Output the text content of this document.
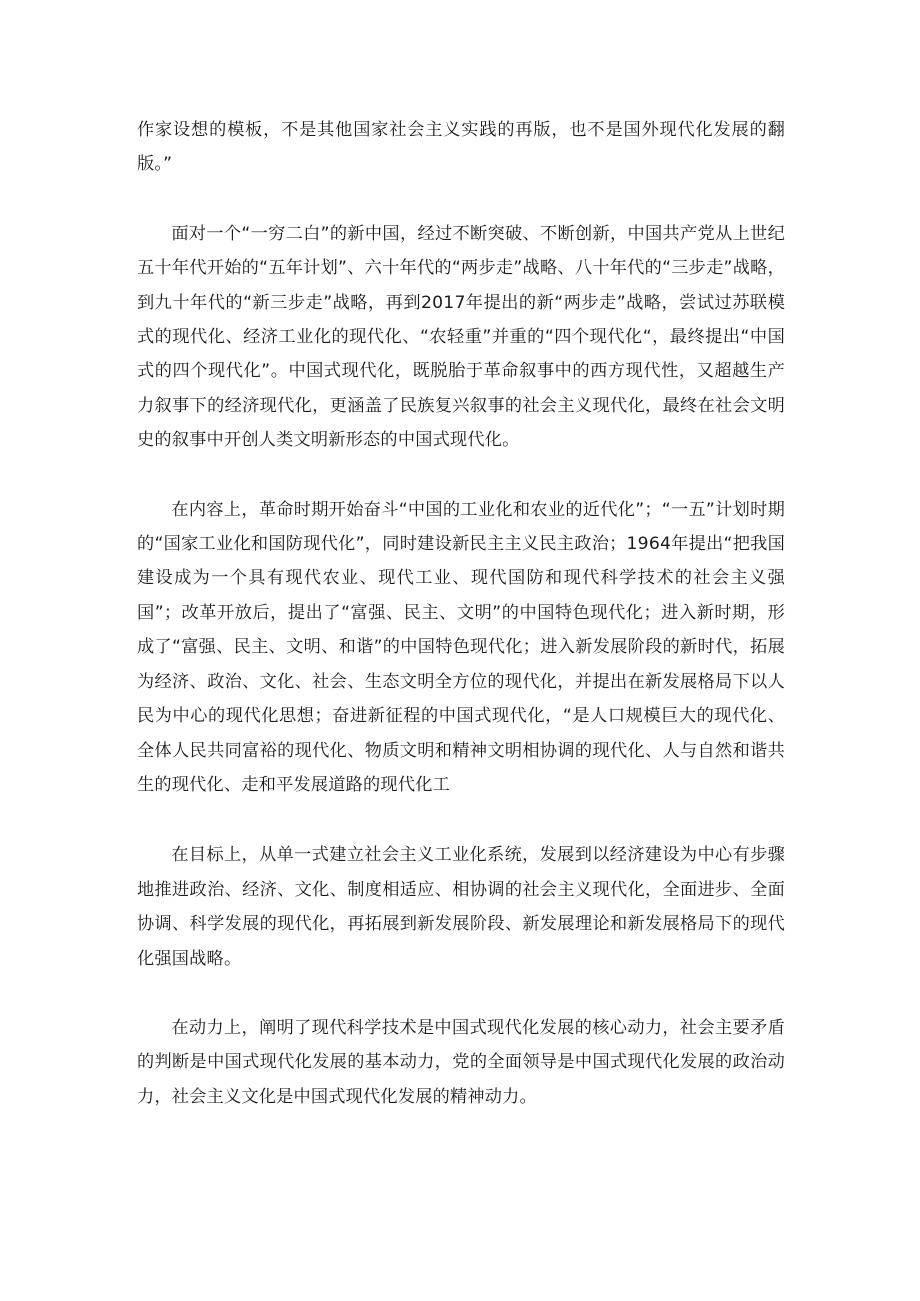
作家设想的模板，不是其他国家社会主义实践的再版，也不是国外现代化发展的翻版。”

面对一个“一穷二白”的新中国，经过不断突破、不断创新，中国共产党从上世纪五十年代开始的“五年计划”、六十年代的“两步走”战略、八十年代的“三步走”战略，到九十年代的“新三步走”战略，再到2017年提出的新“两步走”战略，尝试过苏联模式的现代化、经济工业化的现代化、“农轻重”并重的“四个现代化“，最终提出“中国式的四个现代化”。中国式现代化，既脱胎于革命叙事中的西方现代性，又超越生产力叙事下的经济现代化，更涵盖了民族复兴叙事的社会主义现代化，最终在社会文明史的叙事中开创人类文明新形态的中国式现代化。

在内容上，革命时期开始奋斗“中国的工业化和农业的近代化”；“一五”计划时期的“国家工业化和国防现代化”，同时建设新民主主义民主政治；1964年提出“把我国建设成为一个具有现代农业、现代工业、现代国防和现代科学技术的社会主义强国”；改革开放后，提出了“富强、民主、文明”的中国特色现代化；进入新时期，形成了“富强、民主、文明、和谐”的中国特色现代化；进入新发展阶段的新时代，拓展为经济、政治、文化、社会、生态文明全方位的现代化，并提出在新发展格局下以人民为中心的现代化思想；奋进新征程的中国式现代化，“是人口规模巨大的现代化、全体人民共同富裕的现代化、物质文明和精神文明相协调的现代化、人与自然和谐共生的现代化、走和平发展道路的现代化工

在目标上，从单一式建立社会主义工业化系统，发展到以经济建设为中心有步骤地推进政治、经济、文化、制度相适应、相协调的社会主义现代化，全面进步、全面协调、科学发展的现代化，再拓展到新发展阶段、新发展理论和新发展格局下的现代化强国战略。

在动力上，阐明了现代科学技术是中国式现代化发展的核心动力，社会主要矛盾的判断是中国式现代化发展的基本动力，党的全面领导是中国式现代化发展的政治动力，社会主义文化是中国式现代化发展的精神动力。
